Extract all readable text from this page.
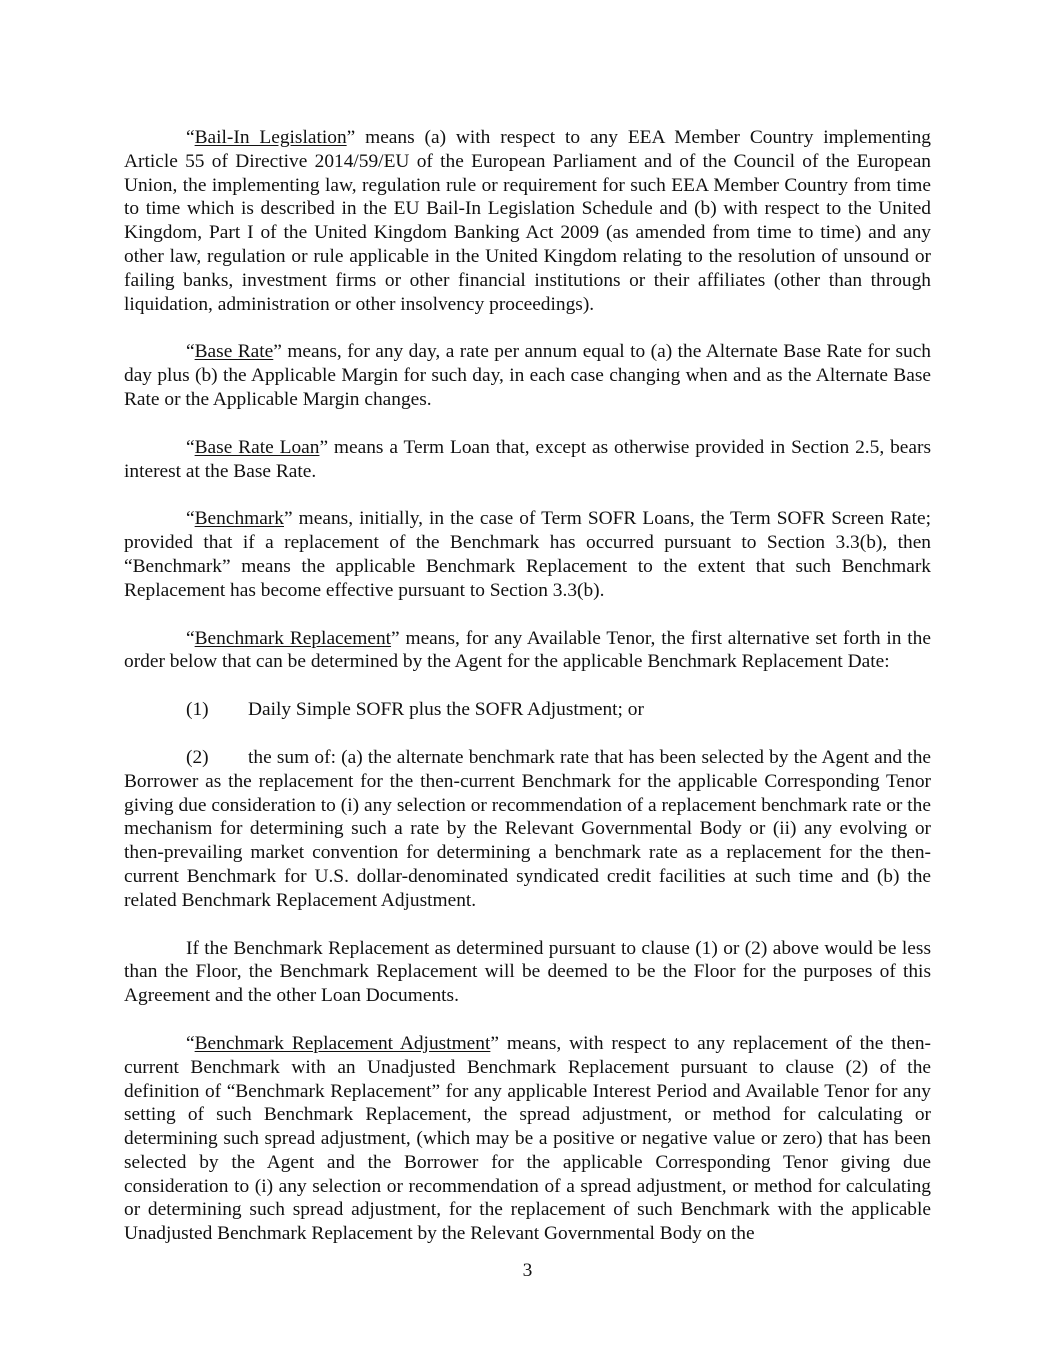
“Bail-In Legislation” means (a) with respect to any EEA Member Country implementing Article 55 of Directive 2014/59/EU of the European Parliament and of the Council of the European Union, the implementing law, regulation rule or requirement for such EEA Member Country from time to time which is described in the EU Bail-In Legislation Schedule and (b) with respect to the United Kingdom, Part I of the United Kingdom Banking Act 2009 (as amended from time to time) and any other law, regulation or rule applicable in the United Kingdom relating to the resolution of unsound or failing banks, investment firms or other financial institutions or their affiliates (other than through liquidation, administration or other insolvency proceedings).

“Base Rate” means, for any day, a rate per annum equal to (a) the Alternate Base Rate for such day plus (b) the Applicable Margin for such day, in each case changing when and as the Alternate Base Rate or the Applicable Margin changes.

“Base Rate Loan” means a Term Loan that, except as otherwise provided in Section 2.5, bears interest at the Base Rate.

“Benchmark” means, initially, in the case of Term SOFR Loans, the Term SOFR Screen Rate; provided that if a replacement of the Benchmark has occurred pursuant to Section 3.3(b), then “Benchmark” means the applicable Benchmark Replacement to the extent that such Benchmark Replacement has become effective pursuant to Section 3.3(b).

“Benchmark Replacement” means, for any Available Tenor, the first alternative set forth in the order below that can be determined by the Agent for the applicable Benchmark Replacement Date:

(1) Daily Simple SOFR plus the SOFR Adjustment; or

(2) the sum of: (a) the alternate benchmark rate that has been selected by the Agent and the Borrower as the replacement for the then-current Benchmark for the applicable Corresponding Tenor giving due consideration to (i) any selection or recommendation of a replacement benchmark rate or the mechanism for determining such a rate by the Relevant Governmental Body or (ii) any evolving or then-prevailing market convention for determining a benchmark rate as a replacement for the then-current Benchmark for U.S. dollar-denominated syndicated credit facilities at such time and (b) the related Benchmark Replacement Adjustment.

If the Benchmark Replacement as determined pursuant to clause (1) or (2) above would be less than the Floor, the Benchmark Replacement will be deemed to be the Floor for the purposes of this Agreement and the other Loan Documents.

“Benchmark Replacement Adjustment” means, with respect to any replacement of the then-current Benchmark with an Unadjusted Benchmark Replacement pursuant to clause (2) of the definition of “Benchmark Replacement” for any applicable Interest Period and Available Tenor for any setting of such Benchmark Replacement, the spread adjustment, or method for calculating or determining such spread adjustment, (which may be a positive or negative value or zero) that has been selected by the Agent and the Borrower for the applicable Corresponding Tenor giving due consideration to (i) any selection or recommendation of a spread adjustment, or method for calculating or determining such spread adjustment, for the replacement of such Benchmark with the applicable Unadjusted Benchmark Replacement by the Relevant Governmental Body on the

3
